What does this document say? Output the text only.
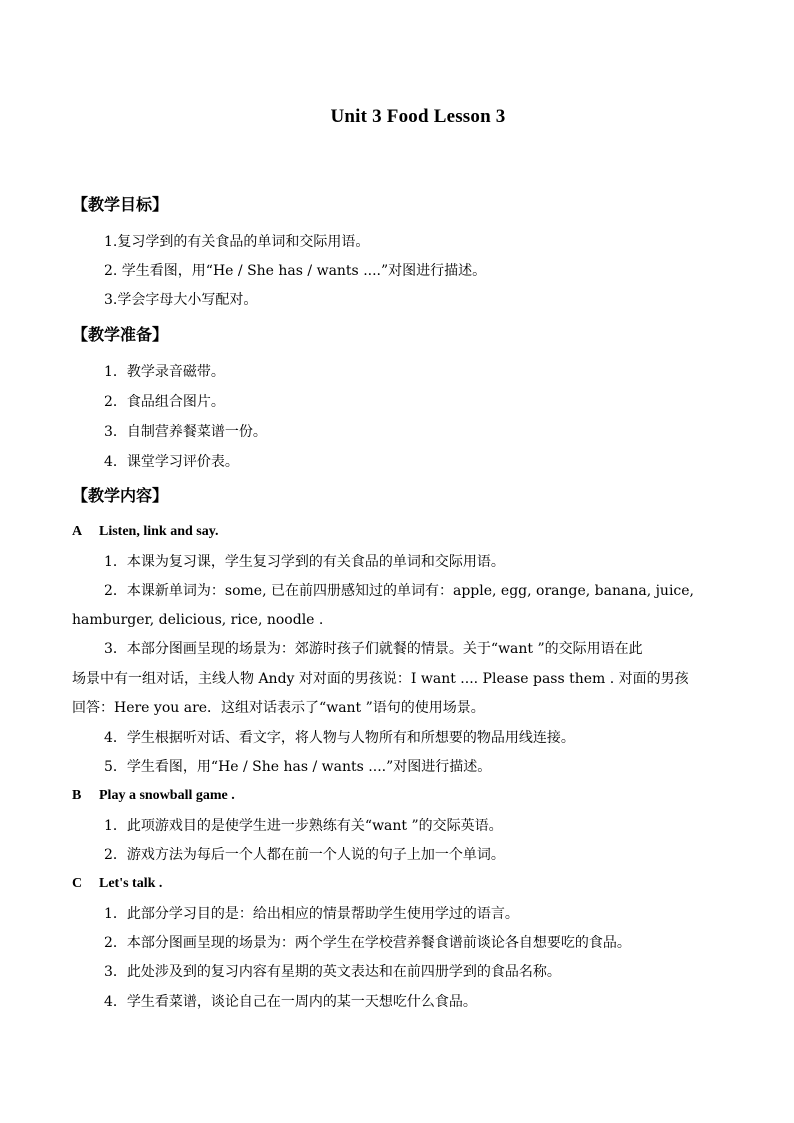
Unit 3 Food Lesson 3
【教学目标】
1.复习学到的有关食品的单词和交际用语。
2. 学生看图，用“He / She has / wants ....”对图进行描述。
3.学会字母大小写配对。
【教学准备】
1．教学录音磁带。
2．食品组合图片。
3．自制营养餐菜谱一份。
4．课堂学习评价表。
【教学内容】
A Listen, link and say.
1．本课为复习课，学生复习学到的有关食品的单词和交际用语。
2．本课新单词为：some, 已在前四册感知过的单词有：apple, egg, orange, banana, juice,
hamburger, delicious, rice, noodle .
3．本部分图画呈现的场景为：郊游时孩子们就餐的情景。关于“want ”的交际用语在此
场景中有一组对话，主线人物 Andy 对对面的男孩说：I want .... Please pass them . 对面的男孩
回答：Here you are．这组对话表示了“want ”语句的使用场景。
4．学生根据听对话、看文字，将人物与人物所有和所想要的物品用线连接。
5．学生看图，用“He / She has / wants ....”对图进行描述。
B Play a snowball game .
1．此项游戏目的是使学生进一步熟练有关“want ”的交际英语。
2．游戏方法为每后一个人都在前一个人说的句子上加一个单词。
C Let's talk .
1．此部分学习目的是：给出相应的情景帮助学生使用学过的语言。
2．本部分图画呈现的场景为：两个学生在学校营养餐食谱前谈论各自想要吃的食品。
3．此处涉及到的复习内容有星期的英文表达和在前四册学到的食品名称。
4．学生看菜谱，谈论自己在一周内的某一天想吃什么食品。
